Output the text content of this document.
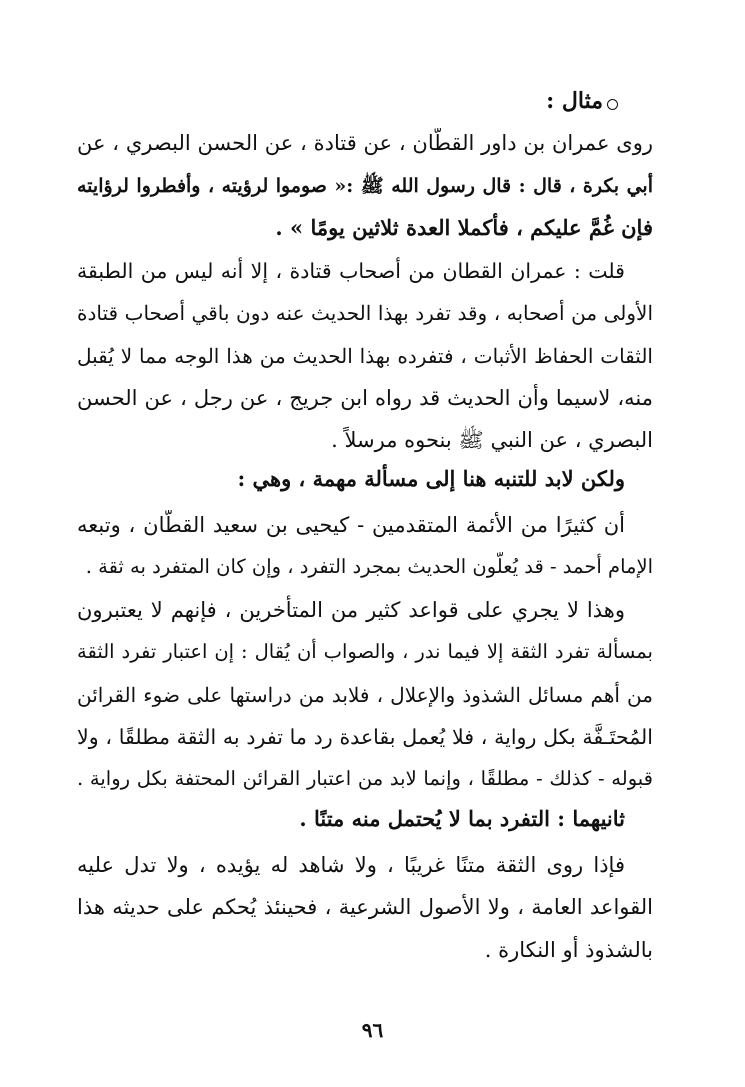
مثال :
روى عمران بن داور القطَّان ، عن قتادة ، عن الحسن البصري ، عن
أبي بكرة ، قال : قال رسول الله ﷺ :« صوموا لرؤيته ، وأفطروا لرؤايته
فإن غُمَّ عليكم ، فأكملا العدة ثلاثين يومًا » .
قلت : عمران القطان من أصحاب قتادة ، إلا أنه ليس من الطبقة
الأولى من أصحابه ، وقد تفرد بهذا الحديث عنه دون باقي أصحاب قتادة
الثقات الحفاظ الأثبات ، فتفرده بهذا الحديث من هذا الوجه مما لا يُقبل
منه، لاسيما وأن الحديث قد رواه ابن جريج ، عن رجل ، عن الحسن
البصري ، عن النبي ﷺ بنحوه مرسلاً .
ولكن لابد للتنبه هنا إلى مسألة مهمة ، وهي :
أن كثيرًا من الأئمة المتقدمين - كيحيى بن سعيد القطَّان ، وتبعه
الإمام أحمد - قد يُعلُّون الحديث بمجرد التفرد ، وإن كان المتفرد به ثقة .
وهذا لا يجري على قواعد كثير من المتأخرين ، فإنهم لا يعتبرون
بمسألة تفرد الثقة إلا فيما ندر ، والصواب أن يُقال : إن اعتبار تفرد الثقة
من أهم مسائل الشذوذ والإعلال ، فلابد من دراستها على ضوء القرائن
المُحتَـفَّة بكل رواية ، فلا يُعمل بقاعدة رد ما تفرد به الثقة مطلقًا ، ولا
قبوله - كذلك - مطلقًا ، وإنما لابد من اعتبار القرائن المحتفة بكل رواية .
ثانيهما : التفرد بما لا يُحتمل منه متنًا .
فإذا روى الثقة متنًا غريبًا ، ولا شاهد له يؤيده ، ولا تدل عليه
القواعد العامة ، ولا الأصول الشرعية ، فحينئذ يُحكم على حديثه هذا
بالشذوذ أو النكارة .
٩٦
